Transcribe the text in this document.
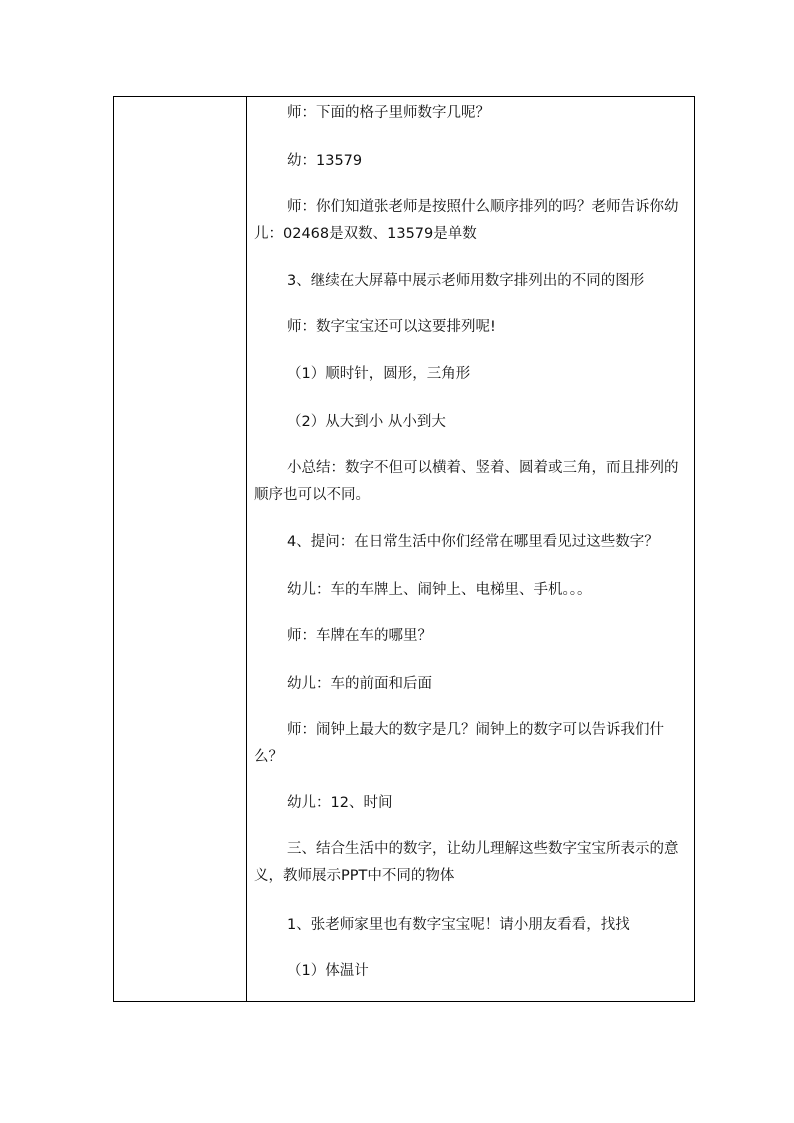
师：下面的格子里师数字几呢？

幼：13579

师：你们知道张老师是按照什么顺序排列的吗？老师告诉你幼儿：02468是双数、13579是单数

3、继续在大屏幕中展示老师用数字排列出的不同的图形

师：数字宝宝还可以这要排列呢!

（1）顺时针，圆形，三角形

（2）从大到小 从小到大

小总结：数字不但可以横着、竖着、圆着或三角，而且排列的顺序也可以不同。

4、提问：在日常生活中你们经常在哪里看见过这些数字？

幼儿：车的车牌上、闹钟上、电梯里、手机。。。

师：车牌在车的哪里？

幼儿：车的前面和后面

师：闹钟上最大的数字是几？闹钟上的数字可以告诉我们什么？

幼儿：12、时间

三、结合生活中的数字，让幼儿理解这些数字宝宝所表示的意义，教师展示PPT中不同的物体

1、张老师家里也有数字宝宝呢！请小朋友看看，找找

（1）体温计
